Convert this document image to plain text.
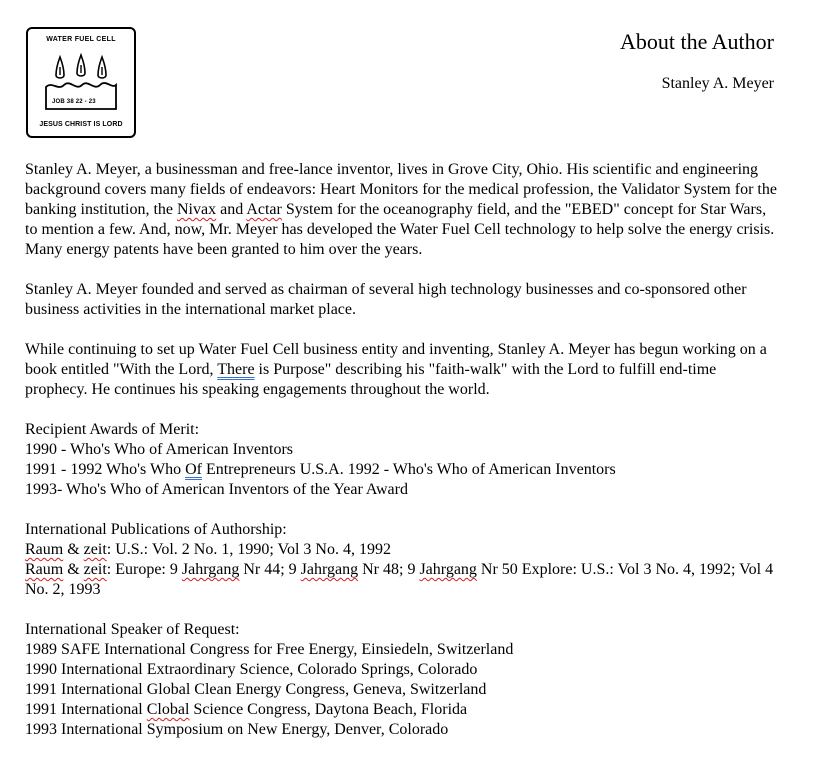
WATER FUEL CELL
JOB 38 22 - 23
JESUS CHRIST IS LORD
About the Author
Stanley A. Meyer

Stanley A. Meyer, a businessman and free-lance inventor, lives in Grove City, Ohio. His scientific and engineering background covers many fields of endeavors: Heart Monitors for the medical profession, the Validator System for the banking institution, the Nivax and Actar System for the oceanography field, and the "EBED" concept for Star Wars, to mention a few. And, now, Mr. Meyer has developed the Water Fuel Cell technology to help solve the energy crisis. Many energy patents have been granted to him over the years.

Stanley A. Meyer founded and served as chairman of several high technology businesses and co-sponsored other business activities in the international market place.

While continuing to set up Water Fuel Cell business entity and inventing, Stanley A. Meyer has begun working on a book entitled "With the Lord, There is Purpose" describing his "faith-walk" with the Lord to fulfill end-time prophecy. He continues his speaking engagements throughout the world.

Recipient Awards of Merit:
1990 - Who's Who of American Inventors
1991 - 1992 Who's Who Of Entrepreneurs U.S.A. 1992 - Who's Who of American Inventors
1993- Who's Who of American Inventors of the Year Award

International Publications of Authorship:
Raum & zeit: U.S.: Vol. 2 No. 1, 1990; Vol 3 No. 4, 1992
Raum & zeit: Europe: 9 Jahrgang Nr 44; 9 Jahrgang Nr 48; 9 Jahrgang Nr 50 Explore: U.S.: Vol 3 No. 4, 1992; Vol 4 No. 2, 1993

International Speaker of Request:
1989 SAFE International Congress for Free Energy, Einsiedeln, Switzerland
1990 International Extraordinary Science, Colorado Springs, Colorado
1991 International Global Clean Energy Congress, Geneva, Switzerland
1991 International Clobal Science Congress, Daytona Beach, Florida
1993 International Symposium on New Energy, Denver, Colorado
